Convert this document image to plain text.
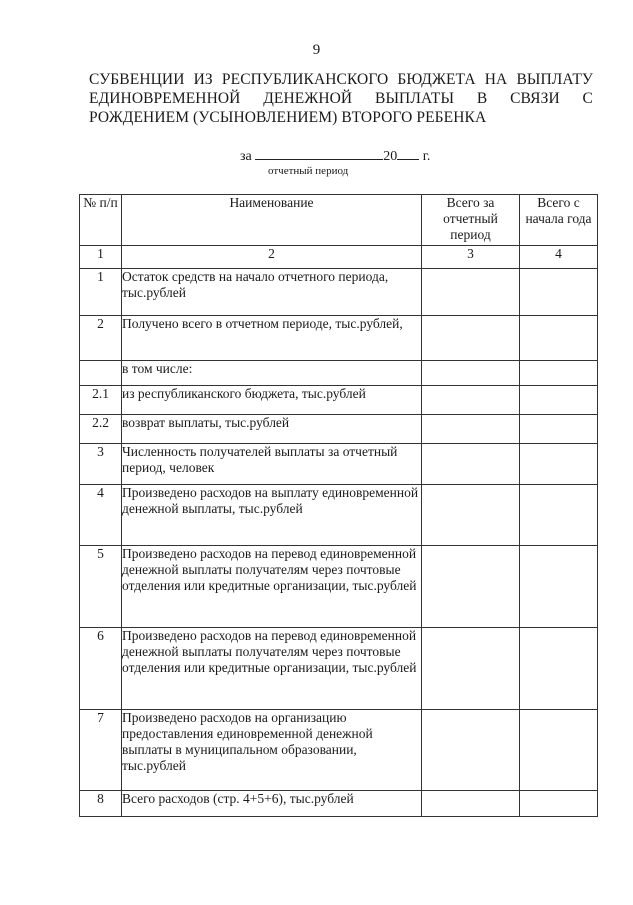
9
СУБВЕНЦИИ ИЗ РЕСПУБЛИКАНСКОГО БЮДЖЕТА НА ВЫПЛАТУ ЕДИНОВРЕМЕННОЙ ДЕНЕЖНОЙ ВЫПЛАТЫ В СВЯЗИ С РОЖДЕНИЕМ (УСЫНОВЛЕНИЕМ) ВТОРОГО РЕБЕНКА
за	20 г.
отчетный период
№ п/п	Наименование	Всего за отчетный период	Всего с начала года
1	2	3	4
1	Остаток средств на начало отчетного периода, тыс.рублей		
2	Получено всего в отчетном периоде, тыс.рублей,		
	в том числе:		
2.1	из республиканского бюджета, тыс.рублей		
2.2	возврат выплаты, тыс.рублей		
3	Численность получателей выплаты за отчетный период, человек		
4	Произведено расходов на выплату единовременной денежной выплаты, тыс.рублей		
5	Произведено расходов на перевод единовременной денежной выплаты получателям через почтовые отделения или кредитные организации, тыс.рублей		
6	Произведено расходов на перевод единовременной денежной выплаты получателям через почтовые отделения или кредитные организации, тыс.рублей		
7	Произведено расходов на организацию предоставления единовременной денежной выплаты в муниципальном образовании, тыс.рублей		
8	Всего расходов (стр. 4+5+6), тыс.рублей		
